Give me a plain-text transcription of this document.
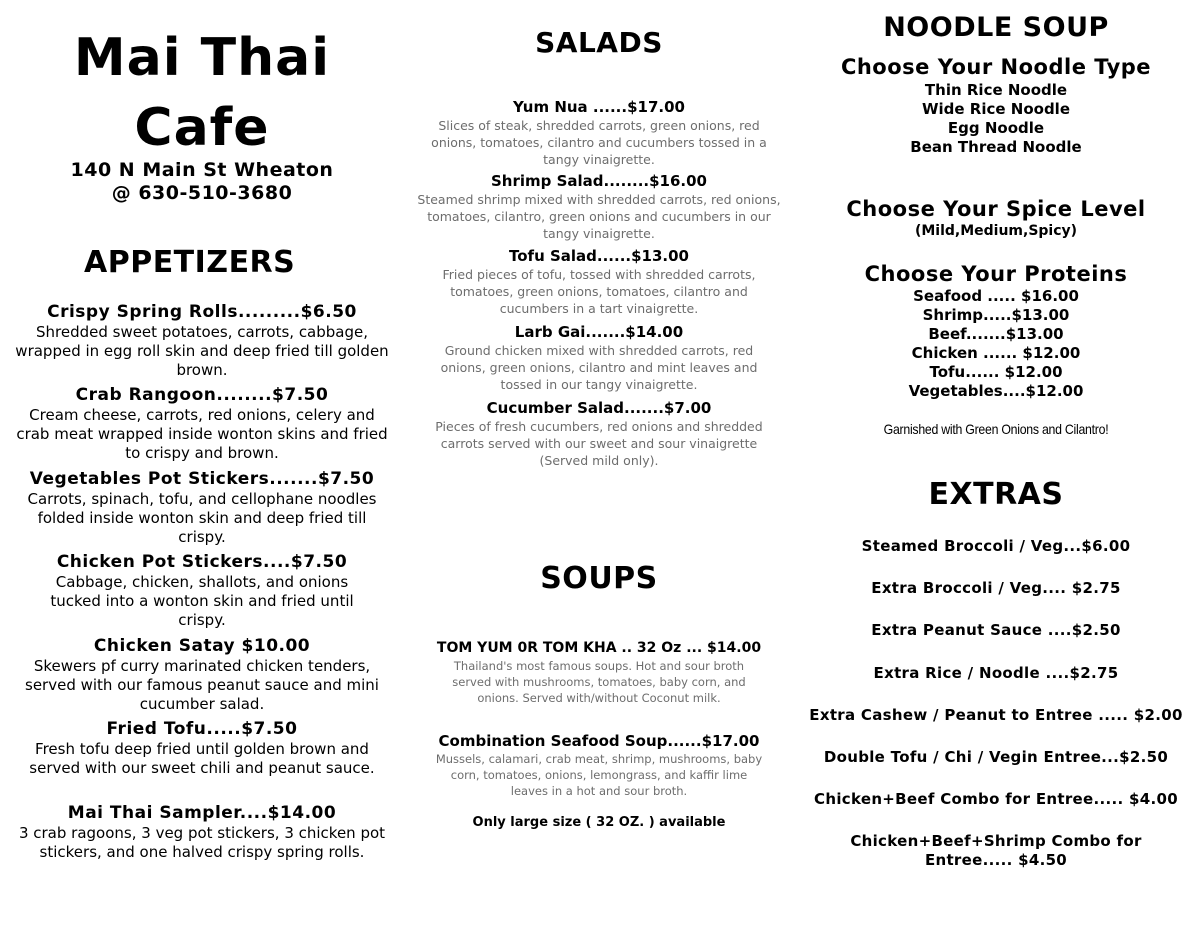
Mai Thai
Cafe
140 N Main St Wheaton
@ 630-510-3680
APPETIZERS
Crispy Spring Rolls.........$6.50
Shredded sweet potatoes, carrots, cabbage, wrapped in egg roll skin and deep fried till golden brown.
Crab Rangoon........$7.50
Cream cheese, carrots, red onions, celery and crab meat wrapped inside wonton skins and fried to crispy and brown.
Vegetables Pot Stickers.......$7.50
Carrots, spinach, tofu, and cellophane noodles folded inside wonton skin and deep fried till crispy.
Chicken Pot Stickers....$7.50
Cabbage, chicken, shallots, and onions tucked into a wonton skin and fried until crispy.
Chicken Satay $10.00
Skewers pf curry marinated chicken tenders, served with our famous peanut sauce and mini cucumber salad.
Fried Tofu.....$7.50
Fresh tofu deep fried until golden brown and served with our sweet chili and peanut sauce.
Mai Thai Sampler....$14.00
3 crab ragoons, 3 veg pot stickers, 3 chicken pot stickers, and one halved crispy spring rolls.
SALADS
Yum Nua ......$17.00
Slices of steak, shredded carrots, green onions, red onions, tomatoes, cilantro and cucumbers tossed in a tangy vinaigrette.
Shrimp Salad........$16.00
Steamed shrimp mixed with shredded carrots, red onions, tomatoes, cilantro, green onions and cucumbers in our tangy vinaigrette.
Tofu Salad......$13.00
Fried pieces of tofu, tossed with shredded carrots, tomatoes, green onions, tomatoes, cilantro and cucumbers in a tart vinaigrette.
Larb Gai.......$14.00
Ground chicken mixed with shredded carrots, red onions, green onions, cilantro and mint leaves and tossed in our tangy vinaigrette.
Cucumber Salad.......$7.00
Pieces of fresh cucumbers, red onions and shredded carrots served with our sweet and sour vinaigrette (Served mild only).
SOUPS
TOM YUM 0R TOM KHA .. 32 Oz ... $14.00
Thailand's most famous soups. Hot and sour broth served with mushrooms, tomatoes, baby corn, and onions. Served with/without Coconut milk.
Combination Seafood Soup......$17.00
Mussels, calamari, crab meat, shrimp, mushrooms, baby corn, tomatoes, onions, lemongrass, and kaffir lime leaves in a hot and sour broth.
Only large size ( 32 OZ. ) available
NOODLE SOUP
Choose Your Noodle Type
Thin Rice Noodle
Wide Rice Noodle
Egg Noodle
Bean Thread Noodle
Choose Your Spice Level
(Mild,Medium,Spicy)
Choose Your Proteins
Seafood ..... $16.00
Shrimp.....$13.00
Beef.......$13.00
Chicken ...... $12.00
Tofu...... $12.00
Vegetables....$12.00
Garnished with Green Onions and Cilantro!
EXTRAS
Steamed Broccoli / Veg...$6.00
Extra Broccoli / Veg.... $2.75
Extra Peanut Sauce ....$2.50
Extra Rice / Noodle ....$2.75
Extra Cashew / Peanut to Entree ..... $2.00
Double Tofu / Chi / Vegin Entree...$2.50
Chicken+Beef Combo for Entree..... $4.00
Chicken+Beef+Shrimp Combo for Entree..... $4.50
